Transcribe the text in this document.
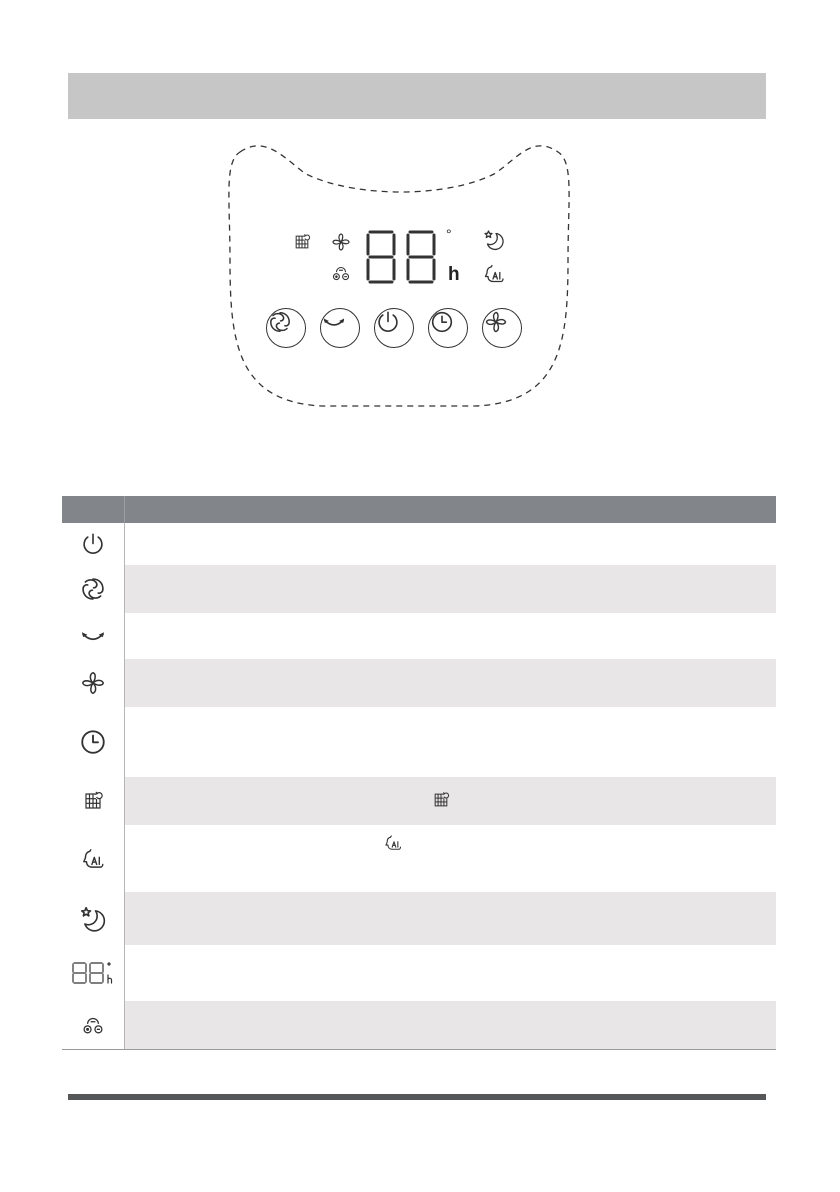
°
h
